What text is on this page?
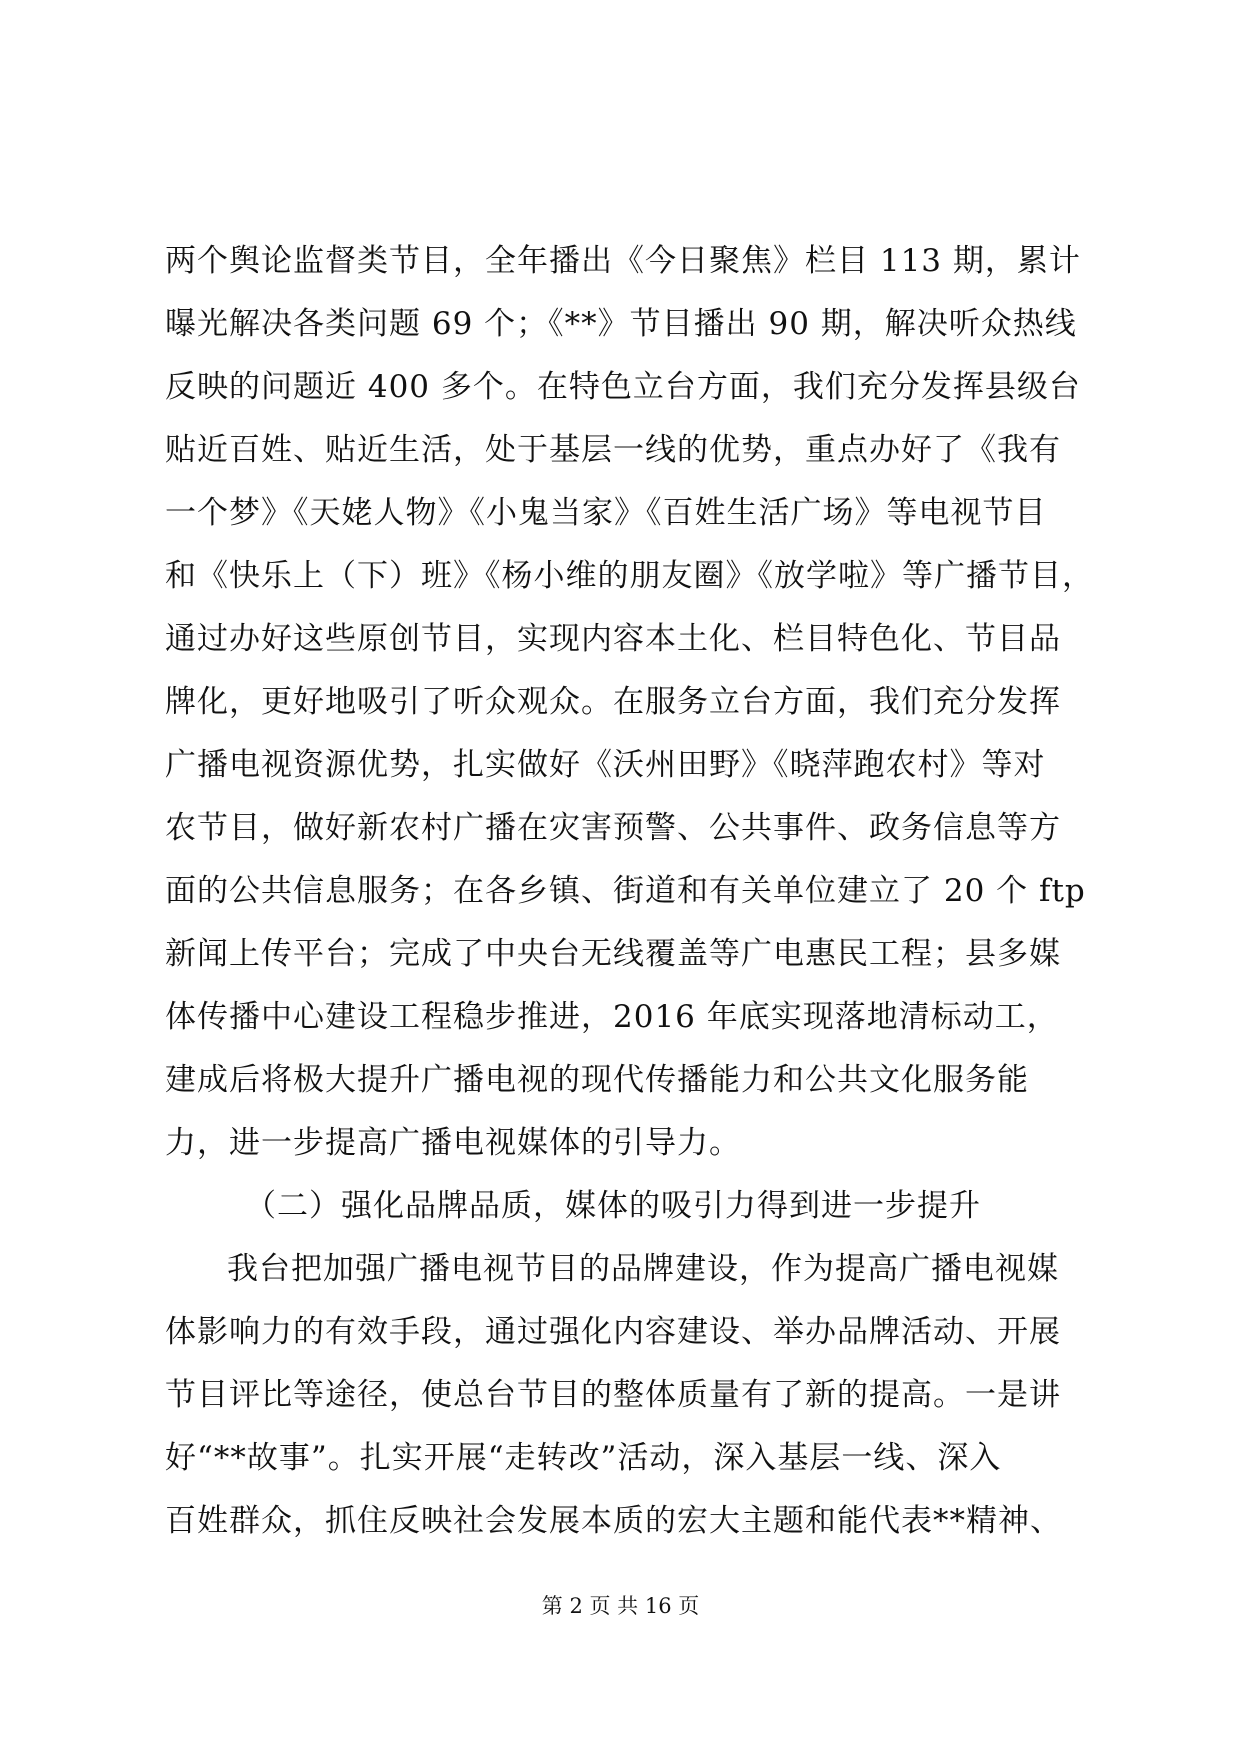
两个舆论监督类节目，全年播出《今日聚焦》栏目 113 期，累计
曝光解决各类问题 69 个；《**》节目播出 90 期，解决听众热线
反映的问题近 400 多个。在特色立台方面，我们充分发挥县级台
贴近百姓、贴近生活，处于基层一线的优势，重点办好了《我有
一个梦》《天姥人物》《小鬼当家》《百姓生活广场》等电视节目
和《快乐上（下）班》《杨小维的朋友圈》《放学啦》等广播节目，
通过办好这些原创节目，实现内容本土化、栏目特色化、节目品
牌化，更好地吸引了听众观众。在服务立台方面，我们充分发挥
广播电视资源优势，扎实做好《沃州田野》《晓萍跑农村》等对
农节目，做好新农村广播在灾害预警、公共事件、政务信息等方
面的公共信息服务；在各乡镇、街道和有关单位建立了 20 个 ftp
新闻上传平台；完成了中央台无线覆盖等广电惠民工程；县多媒
体传播中心建设工程稳步推进，2016 年底实现落地清标动工，
建成后将极大提升广播电视的现代传播能力和公共文化服务能
力，进一步提高广播电视媒体的引导力。
（二）强化品牌品质，媒体的吸引力得到进一步提升
我台把加强广播电视节目的品牌建设，作为提高广播电视媒
体影响力的有效手段，通过强化内容建设、举办品牌活动、开展
节目评比等途径，使总台节目的整体质量有了新的提高。一是讲
好“**故事”。扎实开展“走转改”活动，深入基层一线、深入
百姓群众，抓住反映社会发展本质的宏大主题和能代表**精神、
第 2 页 共 16 页
